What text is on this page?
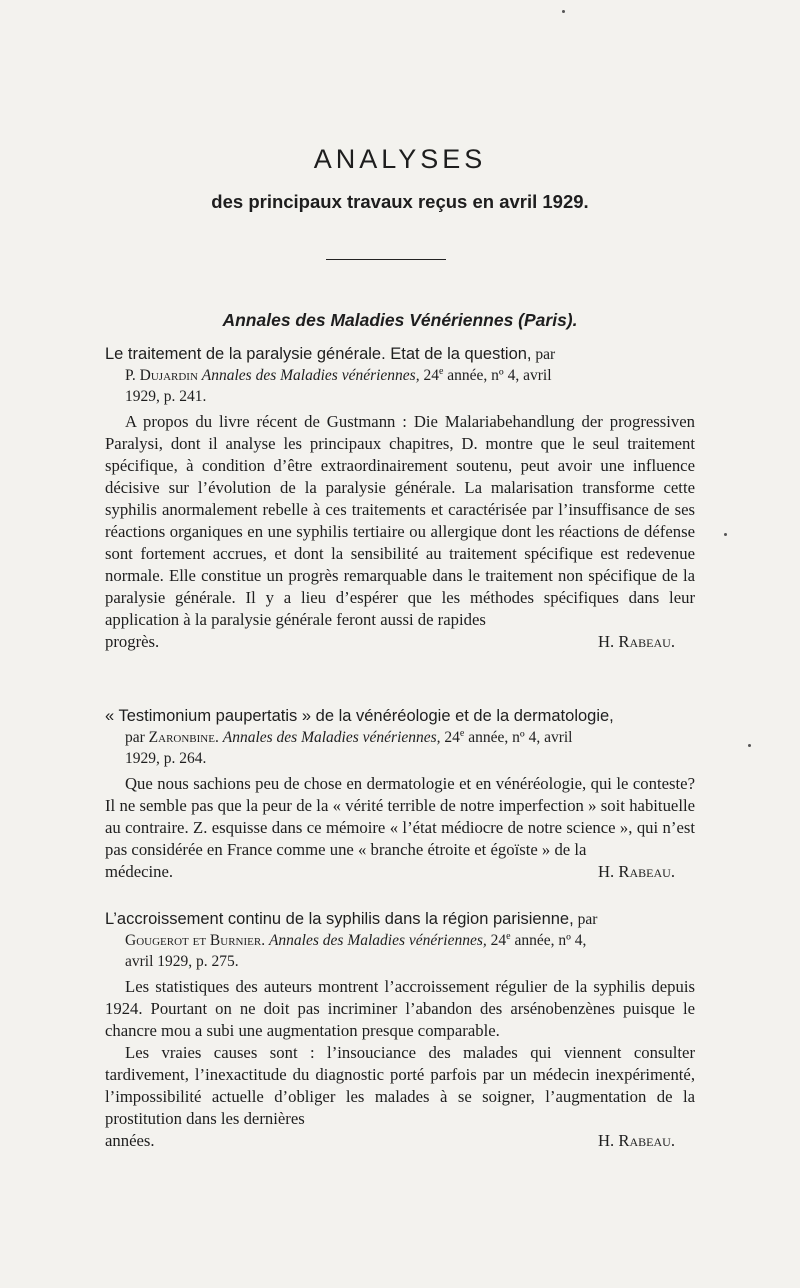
ANALYSES
des principaux travaux reçus en avril 1929.
Annales des Maladies Vénériennes (Paris).

Le traitement de la paralysie générale. Etat de la question, par
P. Dujardin Annales des Maladies vénériennes, 24e année, nº 4, avril
1929, p. 241.

A propos du livre récent de Gustmann : Die Malariabehandlung der progressiven Paralysi, dont il analyse les principaux chapitres, D. montre que le seul traitement spécifique, à condition d’être extraordinairement soutenu, peut avoir une influence décisive sur l’évolution de la paralysie générale. La malarisation transforme cette syphilis anormalement rebelle à ces traitements et caractérisée par l’insuffisance de ses réactions organiques en une syphilis tertiaire ou allergique dont les réactions de défense sont fortement accrues, et dont la sensibilité au traitement spécifique est redevenue normale. Elle constitue un progrès remarquable dans le traitement non spécifique de la paralysie générale. Il y a lieu d’espérer que les méthodes spécifiques dans leur application à la paralysie générale feront aussi de rapides

progrès.	H. Rabeau.

« Testimonium paupertatis » de la vénéréologie et de la dermatologie,
par Zaronbine. Annales des Maladies vénériennes, 24e année, nº 4, avril
1929, p. 264.

Que nous sachions peu de chose en dermatologie et en vénéréologie, qui le conteste? Il ne semble pas que la peur de la « vérité terrible de notre imperfection » soit habituelle au contraire. Z. esquisse dans ce mémoire « l’état médiocre de notre science », qui n’est pas considérée en France comme une « branche étroite et égoïste » de la

médecine.	H. Rabeau.

L’accroissement continu de la syphilis dans la région parisienne, par
Gougerot et Burnier. Annales des Maladies vénériennes, 24e année, nº 4,
avril 1929, p. 275.

Les statistiques des auteurs montrent l’accroissement régulier de la syphilis depuis 1924. Pourtant on ne doit pas incriminer l’abandon des arsénobenzènes puisque le chancre mou a subi une augmentation presque comparable.

Les vraies causes sont : l’insouciance des malades qui viennent consulter tardivement, l’inexactitude du diagnostic porté parfois par un médecin inexpérimenté, l’impossibilité actuelle d’obliger les malades à se soigner, l’augmentation de la prostitution dans les dernières

années.	H. Rabeau.
